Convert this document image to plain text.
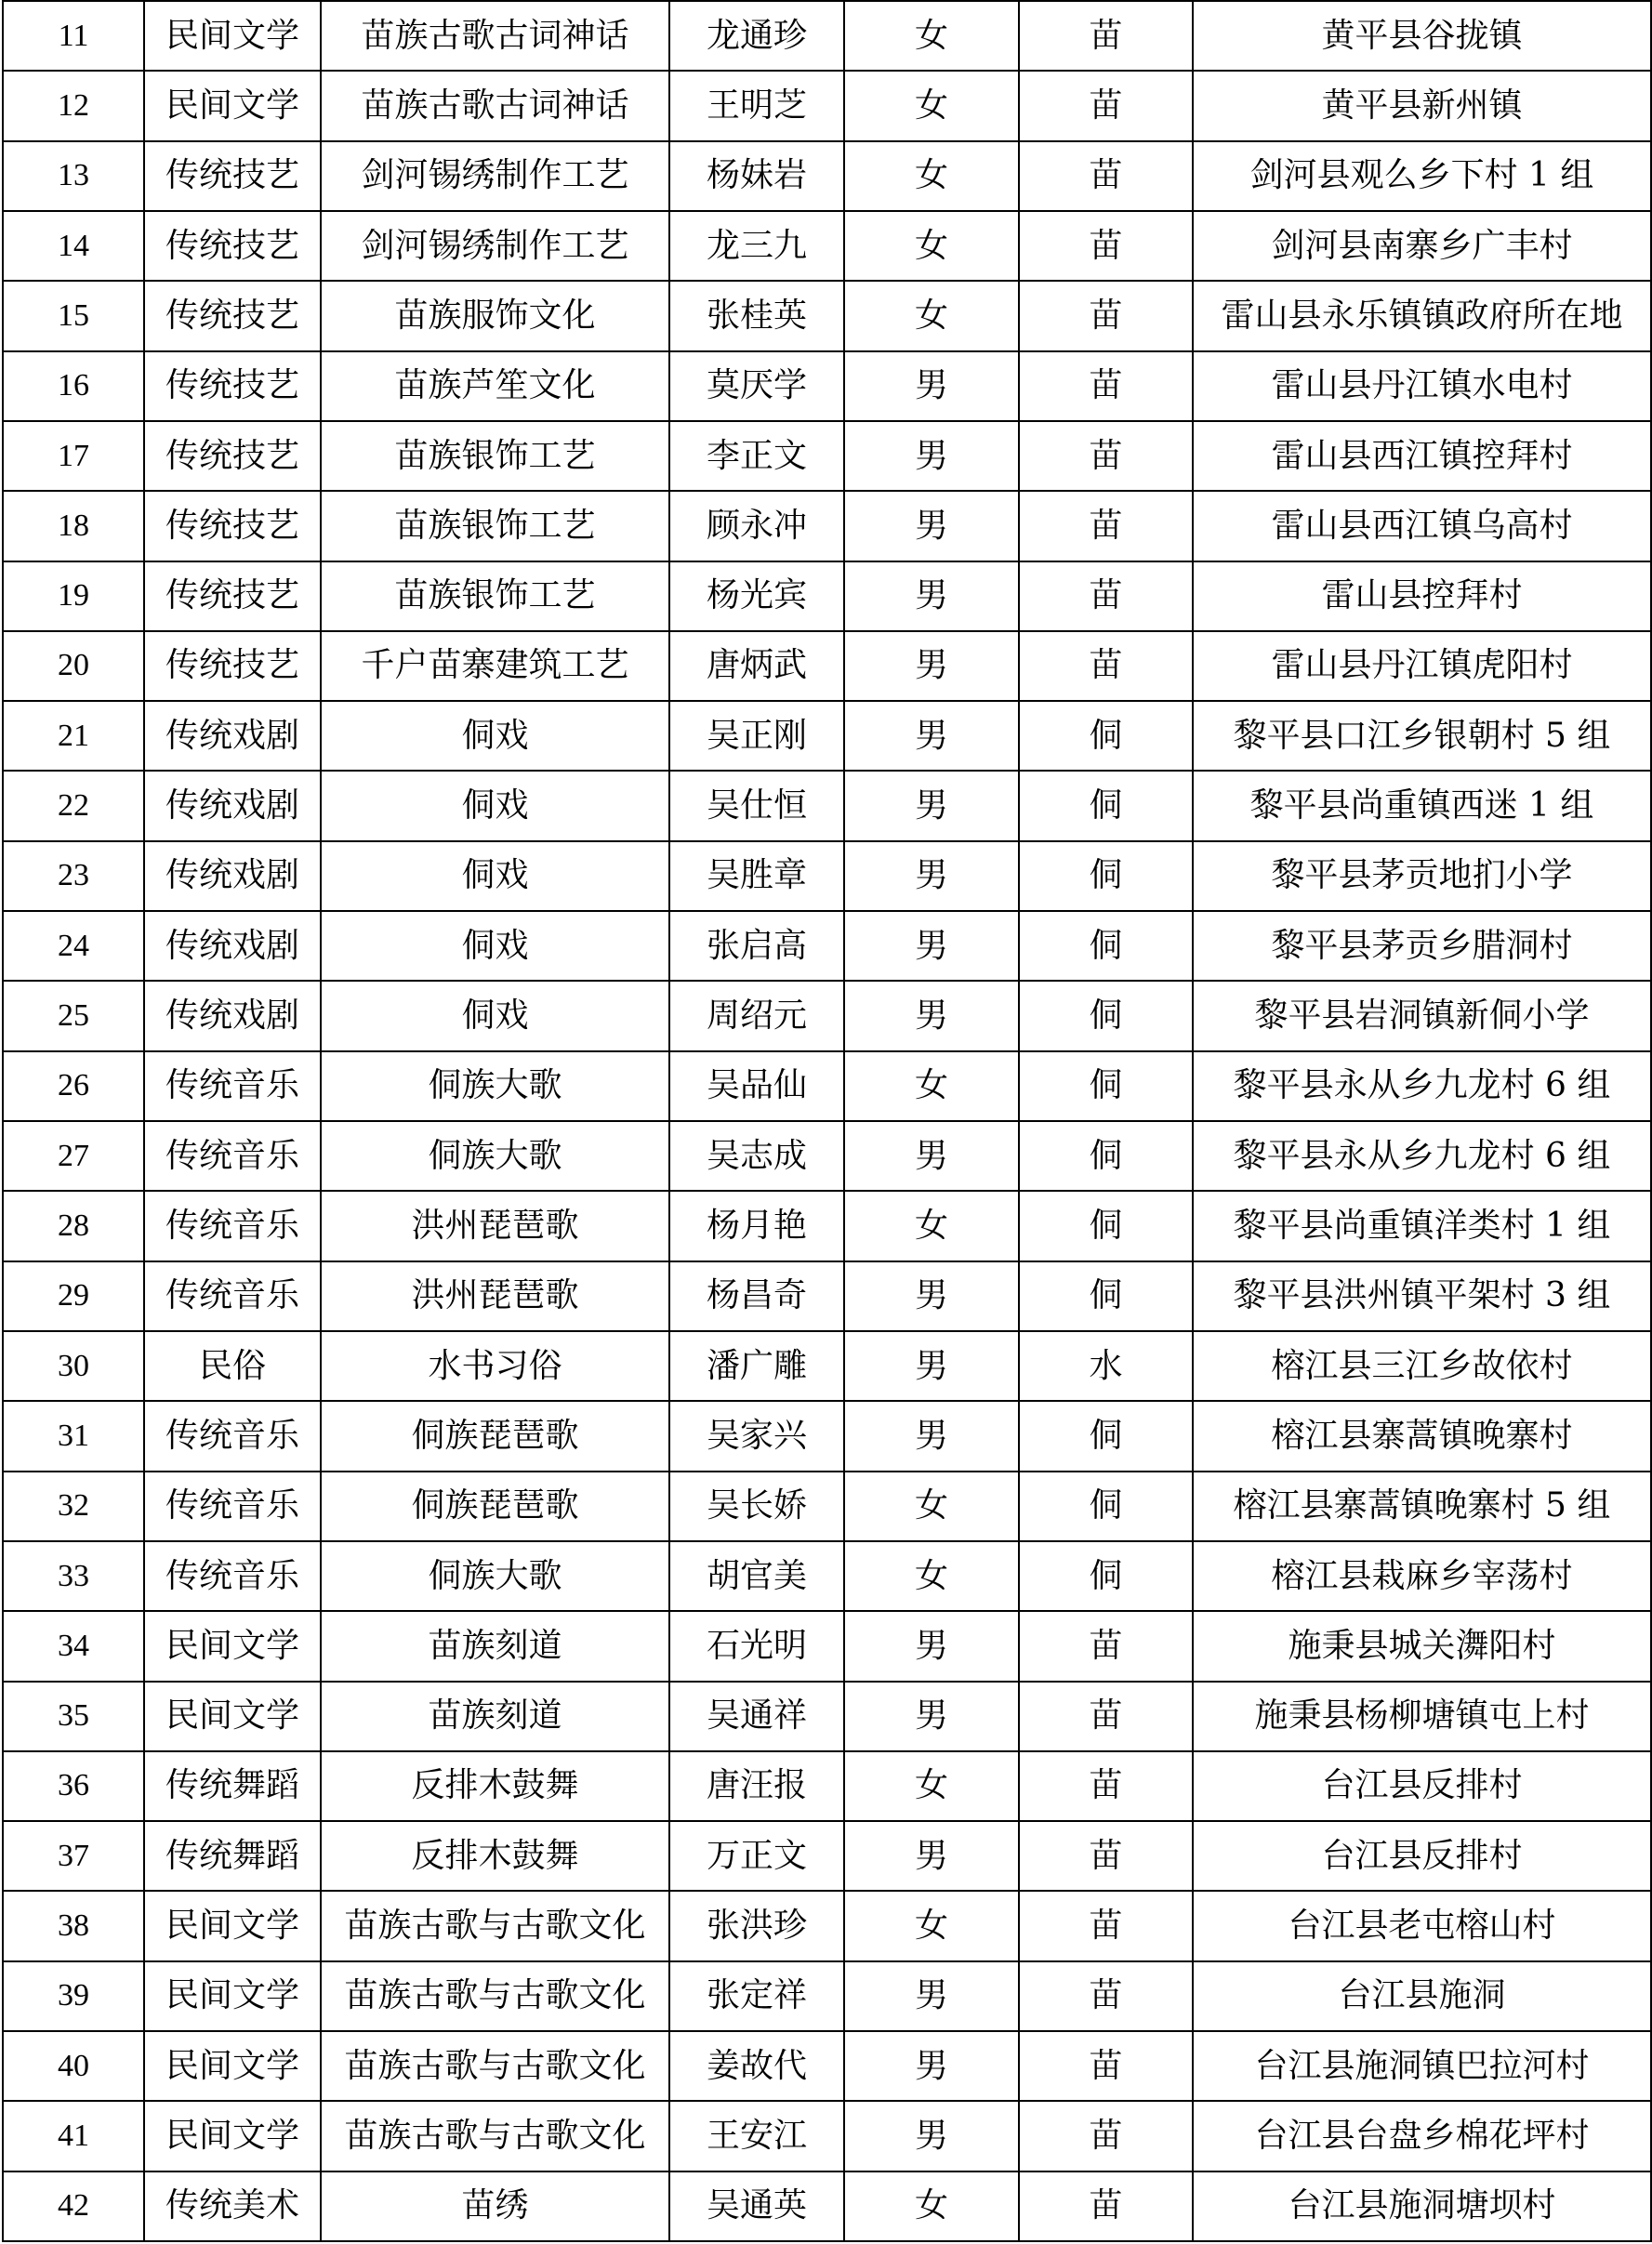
11	民间文学	苗族古歌古词神话	龙通珍	女	苗	黄平县谷拢镇
12	民间文学	苗族古歌古词神话	王明芝	女	苗	黄平县新州镇
13	传统技艺	剑河锡绣制作工艺	杨妹岩	女	苗	剑河县观么乡下村 1 组
14	传统技艺	剑河锡绣制作工艺	龙三九	女	苗	剑河县南寨乡广丰村
15	传统技艺	苗族服饰文化	张桂英	女	苗	雷山县永乐镇镇政府所在地
16	传统技艺	苗族芦笙文化	莫厌学	男	苗	雷山县丹江镇水电村
17	传统技艺	苗族银饰工艺	李正文	男	苗	雷山县西江镇控拜村
18	传统技艺	苗族银饰工艺	顾永冲	男	苗	雷山县西江镇乌高村
19	传统技艺	苗族银饰工艺	杨光宾	男	苗	雷山县控拜村
20	传统技艺	千户苗寨建筑工艺	唐炳武	男	苗	雷山县丹江镇虎阳村
21	传统戏剧	侗戏	吴正刚	男	侗	黎平县口江乡银朝村 5 组
22	传统戏剧	侗戏	吴仕恒	男	侗	黎平县尚重镇西迷 1 组
23	传统戏剧	侗戏	吴胜章	男	侗	黎平县茅贡地扪小学
24	传统戏剧	侗戏	张启高	男	侗	黎平县茅贡乡腊洞村
25	传统戏剧	侗戏	周绍元	男	侗	黎平县岩洞镇新侗小学
26	传统音乐	侗族大歌	吴品仙	女	侗	黎平县永从乡九龙村 6 组
27	传统音乐	侗族大歌	吴志成	男	侗	黎平县永从乡九龙村 6 组
28	传统音乐	洪州琵琶歌	杨月艳	女	侗	黎平县尚重镇洋类村 1 组
29	传统音乐	洪州琵琶歌	杨昌奇	男	侗	黎平县洪州镇平架村 3 组
30	民俗	水书习俗	潘广雕	男	水	榕江县三江乡故依村
31	传统音乐	侗族琵琶歌	吴家兴	男	侗	榕江县寨蒿镇晚寨村
32	传统音乐	侗族琵琶歌	吴长娇	女	侗	榕江县寨蒿镇晚寨村 5 组
33	传统音乐	侗族大歌	胡官美	女	侗	榕江县栽麻乡宰荡村
34	民间文学	苗族刻道	石光明	男	苗	施秉县城关㵲阳村
35	民间文学	苗族刻道	吴通祥	男	苗	施秉县杨柳塘镇屯上村
36	传统舞蹈	反排木鼓舞	唐汪报	女	苗	台江县反排村
37	传统舞蹈	反排木鼓舞	万正文	男	苗	台江县反排村
38	民间文学	苗族古歌与古歌文化	张洪珍	女	苗	台江县老屯榕山村
39	民间文学	苗族古歌与古歌文化	张定祥	男	苗	台江县施洞
40	民间文学	苗族古歌与古歌文化	姜故代	男	苗	台江县施洞镇巴拉河村
41	民间文学	苗族古歌与古歌文化	王安江	男	苗	台江县台盘乡棉花坪村
42	传统美术	苗绣	吴通英	女	苗	台江县施洞塘坝村
